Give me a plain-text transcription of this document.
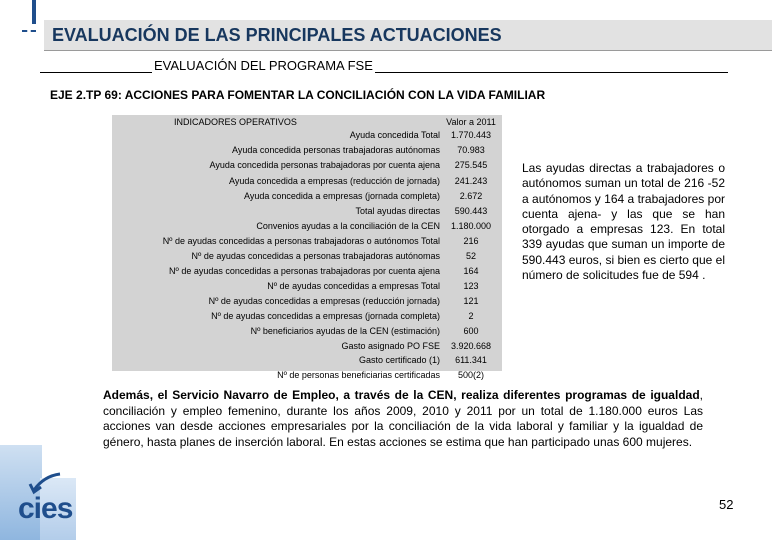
EVALUACIÓN DE LAS PRINCIPALES ACTUACIONES
EVALUACIÓN DEL PROGRAMA FSE
EJE 2.TP 69: ACCIONES PARA FOMENTAR LA CONCILIACIÓN CON LA VIDA FAMILIAR
INDICADORES OPERATIVOS	Valor a 2011
Ayuda concedida Total	1.770.443
Ayuda concedida personas trabajadoras autónomas	70.983
Ayuda concedida personas trabajadoras por cuenta ajena	275.545
Ayuda concedida a empresas (reducción de jornada)	241.243
Ayuda concedida a empresas (jornada completa)	2.672
Total ayudas directas	590.443
Convenios ayudas a la conciliación de la CEN	1.180.000
Nº de ayudas concedidas a personas trabajadoras o autónomos Total	216
Nº de ayudas concedidas a personas trabajadoras autónomas	52
Nº de ayudas concedidas a personas trabajadoras por cuenta ajena	164
Nº de ayudas concedidas a empresas Total	123
Nº de ayudas concedidas a empresas (reducción jornada)	121
Nº de ayudas concedidas a empresas (jornada completa)	2
Nº beneficiarios ayudas de la CEN (estimación)	600
Gasto asignado PO FSE	3.920.668
Gasto certificado (1)	611.341
Nº de personas beneficiarias certificadas	500(2)
Las ayudas directas a trabajadores o autónomos suman un total de 216 -52 a autónomos y 164 a trabajadores por cuenta ajena- y las que se han otorgado a empresas 123. En total 339 ayudas que suman un importe de 590.443 euros, si bien es cierto que el número de solicitudes fue de 594 .
Además, el Servicio Navarro de Empleo, a través de la CEN, realiza diferentes programas de igualdad, conciliación y empleo femenino, durante los años 2009, 2010 y 2011 por un total de 1.180.000 euros Las acciones van desde acciones empresariales por la conciliación de la vida laboral y familiar y la igualdad de género, hasta planes de inserción laboral. En estas acciones se estima que han participado unas 600 mujeres.
cies	52
